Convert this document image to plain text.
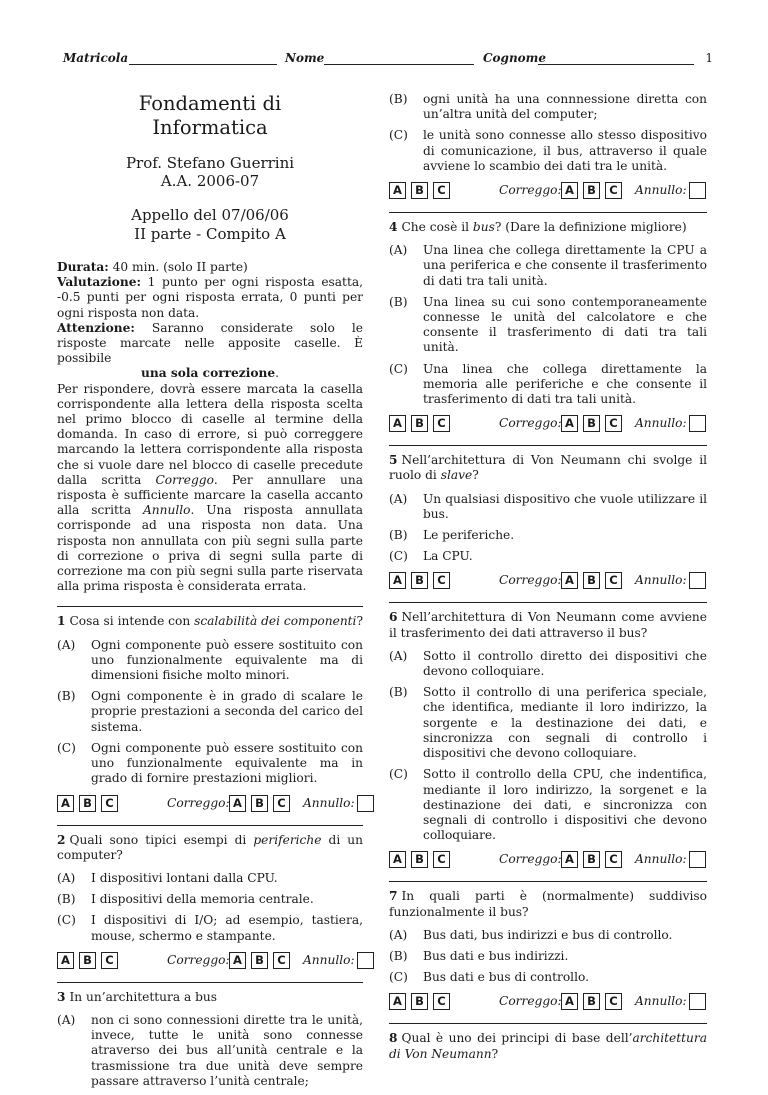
Matricola	Nome	Cognome	1
Fondamenti di
Informatica
Prof. Stefano Guerrini
A.A. 2006-07
Appello del 07/06/06
II parte - Compito A
Durata: 40 min. (solo II parte)
Valutazione: 1 punto per ogni risposta esatta, -0.5 punti per ogni risposta errata, 0 punti per ogni risposta non data.
Attenzione: Saranno considerate solo le risposte marcate nelle apposite caselle. È possibile
una sola correzione.
Per rispondere, dovrà essere marcata la casella corrispondente alla lettera della risposta scelta nel primo blocco di caselle al termine della domanda. In caso di errore, si può correggere marcando la lettera corrispondente alla risposta che si vuole dare nel blocco di caselle precedute dalla scritta Correggo. Per annullare una risposta è sufficiente marcare la casella accanto alla scritta Annullo. Una risposta annullata corrisponde ad una risposta non data. Una risposta non annullata con più segni sulla parte di correzione o priva di segni sulla parte di correzione ma con più segni sulla parte riservata alla prima risposta è considerata errata.
1 Cosa si intende con scalabilità dei componenti?
(A) Ogni componente può essere sostituito con uno funzionalmente equivalente ma di dimensioni fisiche molto minori.
(B) Ogni componente è in grado di scalare le proprie prestazioni a seconda del carico del sistema.
(C) Ogni componente può essere sostituito con uno funzionalmente equivalente ma in grado di fornire prestazioni migliori.
A	B	C	Correggo: A	B	C	Annullo:
2 Quali sono tipici esempi di periferiche di un computer?
(A) I dispositivi lontani dalla CPU.
(B) I dispositivi della memoria centrale.
(C) I dispositivi di I/O; ad esempio, tastiera, mouse, schermo e stampante.
A	B	C	Correggo: A	B	C	Annullo:
3 In un’architettura a bus
(A) non ci sono connessioni dirette tra le unità, invece, tutte le unità sono connesse atraverso dei bus all’unità centrale e la trasmissione tra due unità deve sempre passare attraverso l’unità centrale;
(B) ogni unità ha una connnessione diretta con un’altra unità del computer;
(C) le unità sono connesse allo stesso dispositivo di comunicazione, il bus, attraverso il quale avviene lo scambio dei dati tra le unità.
A	B	C	Correggo: A	B	C	Annullo:
4 Che cosè il bus? (Dare la definizione migliore)
(A) Una linea che collega direttamente la CPU a una periferica e che consente il trasferimento di dati tra tali unità.
(B) Una linea su cui sono contemporaneamente connesse le unità del calcolatore e che consente il trasferimento di dati tra tali unità.
(C) Una linea che collega direttamente la memoria alle periferiche e che consente il trasferimento di dati tra tali unità.
A	B	C	Correggo: A	B	C	Annullo:
5 Nell’architettura di Von Neumann chi svolge il ruolo di slave?
(A) Un qualsiasi dispositivo che vuole utilizzare il bus.
(B) Le periferiche.
(C) La CPU.
A	B	C	Correggo: A	B	C	Annullo:
6 Nell’architettura di Von Neumann come avviene il trasferimento dei dati attraverso il bus?
(A) Sotto il controllo diretto dei dispositivi che devono colloquiare.
(B) Sotto il controllo di una periferica speciale, che identifica, mediante il loro indirizzo, la sorgente e la destinazione dei dati, e sincronizza con segnali di controllo i dispositivi che devono colloquiare.
(C) Sotto il controllo della CPU, che indentifica, mediante il loro indirizzo, la sorgenet e la destinazione dei dati, e sincronizza con segnali di controllo i dispositivi che devono colloquiare.
A	B	C	Correggo: A	B	C	Annullo:
7 In quali parti è (normalmente) suddiviso funzionalmente il bus?
(A) Bus dati, bus indirizzi e bus di controllo.
(B) Bus dati e bus indirizzi.
(C) Bus dati e bus di controllo.
A	B	C	Correggo: A	B	C	Annullo:
8 Qual è uno dei principi di base dell’architettura di Von Neumann?
